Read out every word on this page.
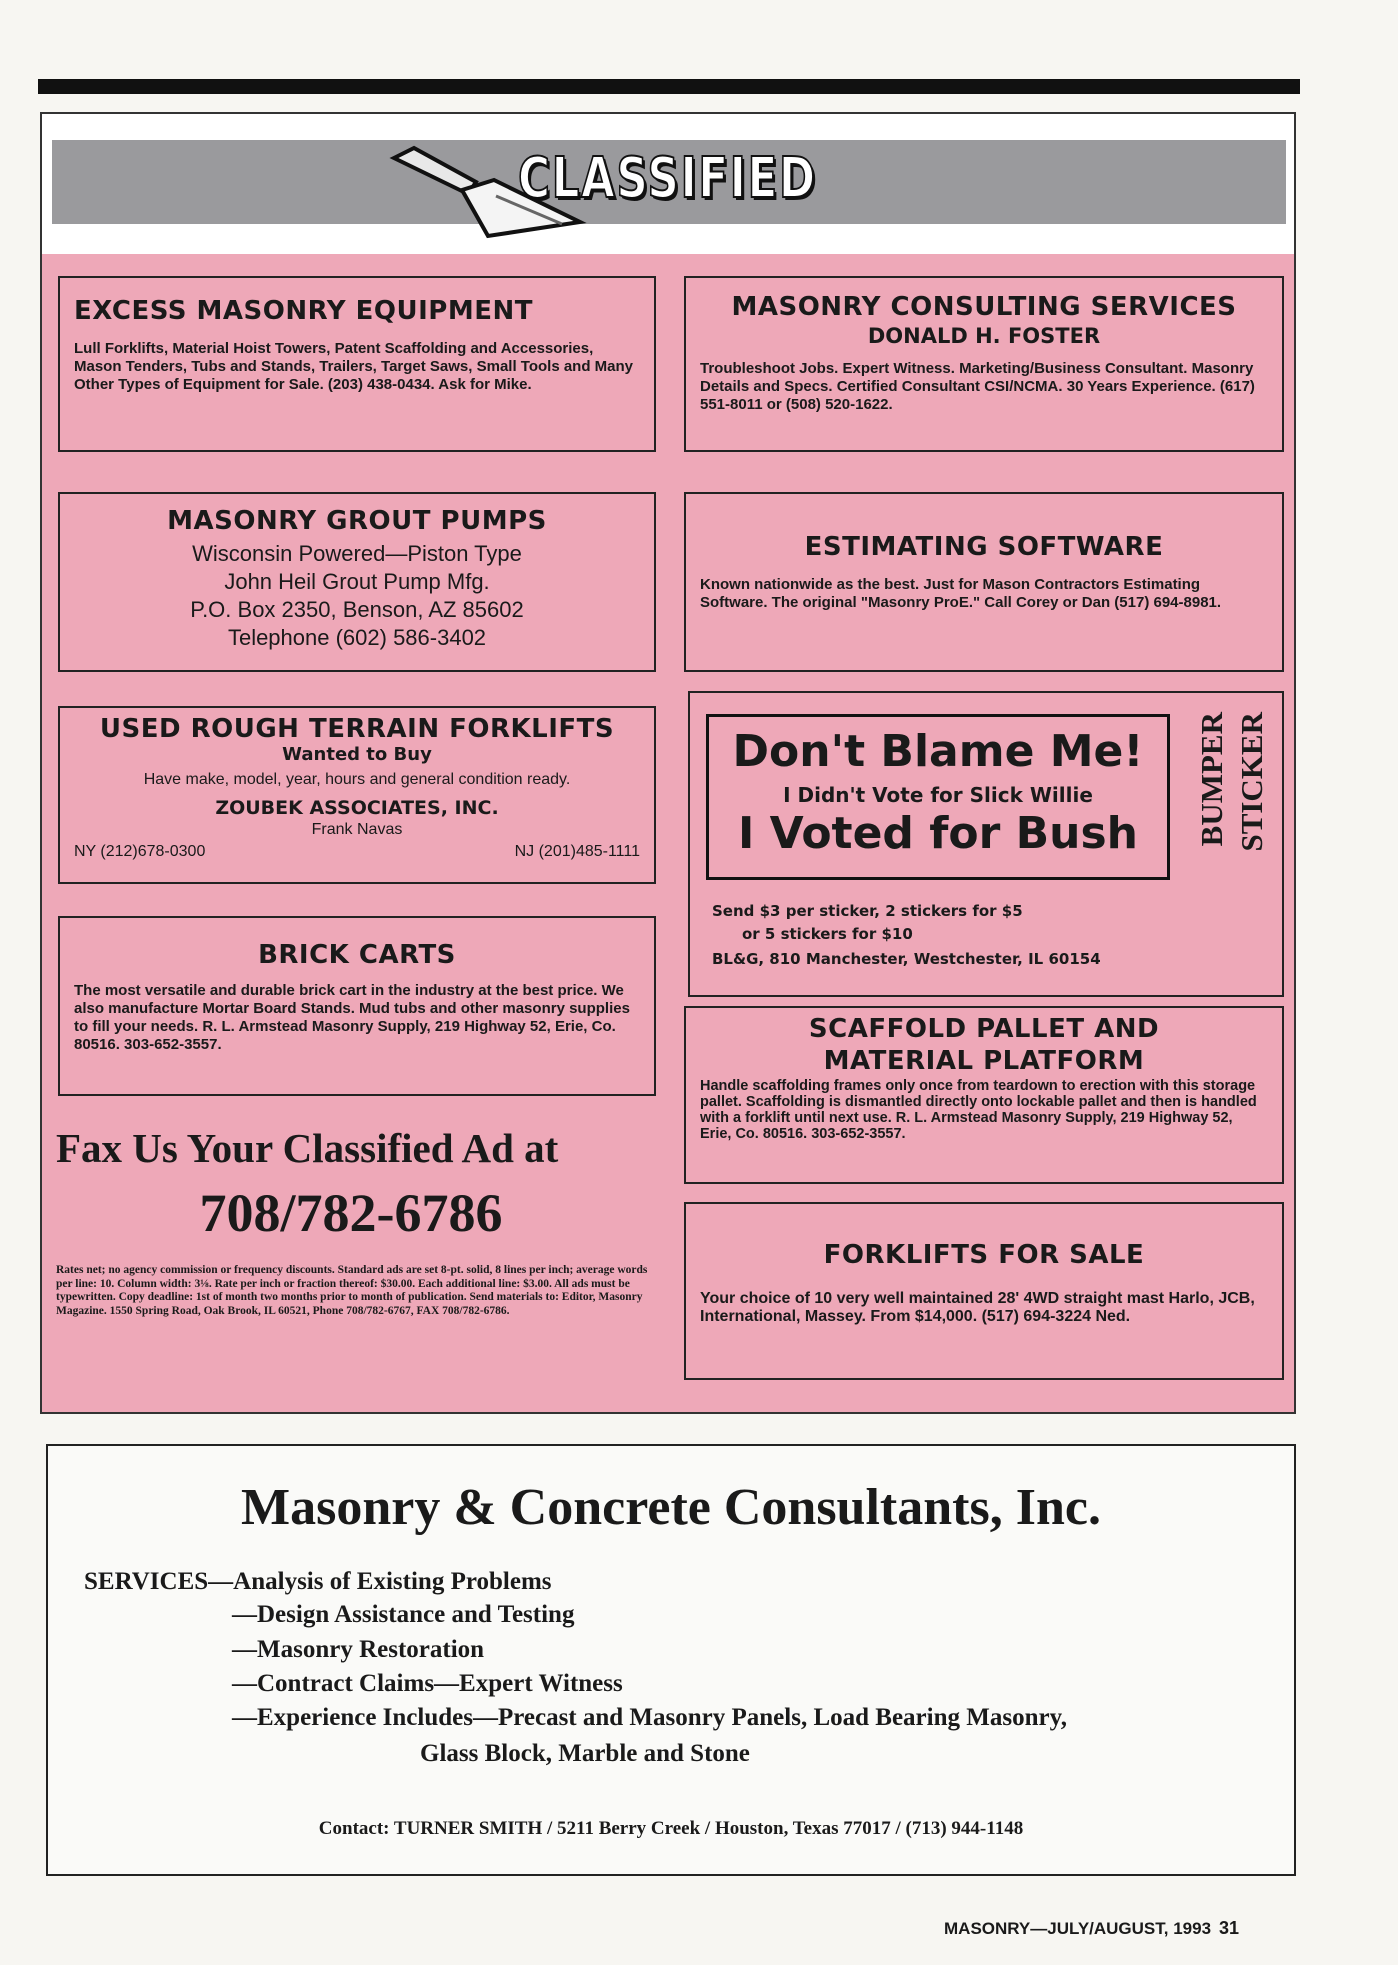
CLASSIFIED
EXCESS MASONRY EQUIPMENT

Lull Forklifts, Material Hoist Towers, Patent Scaffolding and Accessories, Mason Tenders, Tubs and Stands, Trailers, Target Saws, Small Tools and Many Other Types of Equipment for Sale. (203) 438-0434. Ask for Mike.

MASONRY CONSULTING SERVICES
DONALD H. FOSTER

Troubleshoot Jobs. Expert Witness. Marketing/Business Consultant. Masonry Details and Specs. Certified Consultant CSI/NCMA. 30 Years Experience. (617) 551-8011 or (508) 520-1622.

MASONRY GROUT PUMPS
Wisconsin Powered—Piston Type
John Heil Grout Pump Mfg.
P.O. Box 2350, Benson, AZ 85602
Telephone (602) 586-3402
ESTIMATING SOFTWARE

Known nationwide as the best. Just for Mason Contractors Estimating Software. The original "Masonry ProE." Call Corey or Dan (517) 694-8981.

USED ROUGH TERRAIN FORKLIFTS
Wanted to Buy
Have make, model, year, hours and general condition ready.
ZOUBEK ASSOCIATES, INC.
Frank Navas
NY (212)678-0300	NJ (201)485-1111
Don't Blame Me!
I Didn't Vote for Slick Willie
I Voted for Bush	BUMPER STICKER
Send $3 per sticker, 2 stickers for $5
or 5 stickers for $10
BL&G, 810 Manchester, Westchester, IL 60154
BRICK CARTS

The most versatile and durable brick cart in the industry at the best price. We also manufacture Mortar Board Stands. Mud tubs and other masonry supplies to fill your needs. R. L. Armstead Masonry Supply, 219 Highway 52, Erie, Co. 80516. 303-652-3557.

SCAFFOLD PALLET AND
MATERIAL PLATFORM

Handle scaffolding frames only once from teardown to erection with this storage pallet. Scaffolding is dismantled directly onto lockable pallet and then is handled with a forklift until next use. R. L. Armstead Masonry Supply, 219 Highway 52, Erie, Co. 80516. 303-652-3557.

FORKLIFTS FOR SALE

Your choice of 10 very well maintained 28' 4WD straight mast Harlo, JCB, International, Massey. From $14,000. (517) 694-3224 Ned.

Fax Us Your Classified Ad at
708/782-6786
Rates net; no agency commission or frequency discounts. Standard ads are set 8-pt. solid, 8 lines per inch; average words per line: 10. Column width: 3⅛. Rate per inch or fraction thereof: $30.00. Each additional line: $3.00. All ads must be typewritten. Copy deadline: 1st of month two months prior to month of publication. Send materials to: Editor, Masonry Magazine. 1550 Spring Road, Oak Brook, IL 60521, Phone 708/782-6767, FAX 708/782-6786.
Masonry & Concrete Consultants, Inc.
SERVICES—Analysis of Existing Problems
—Design Assistance and Testing
—Masonry Restoration
—Contract Claims—Expert Witness
—Experience Includes—Precast and Masonry Panels, Load Bearing Masonry,
Glass Block, Marble and Stone
Contact: TURNER SMITH / 5211 Berry Creek / Houston, Texas 77017 / (713) 944-1148
MASONRY—JULY/AUGUST, 1993 31
